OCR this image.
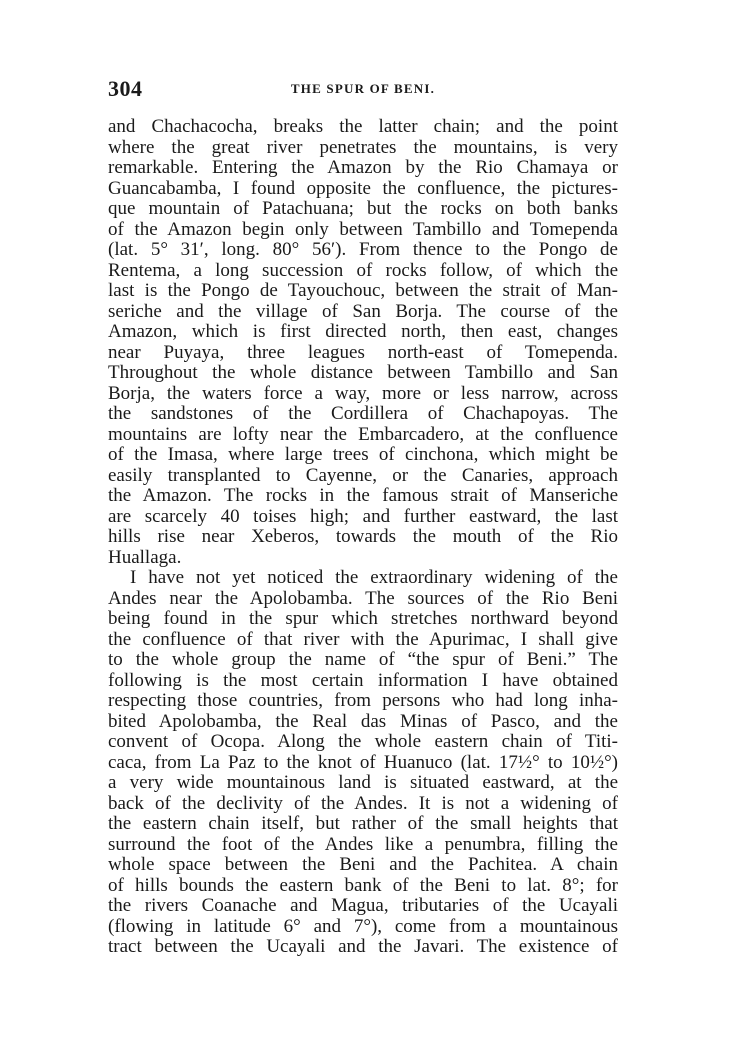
304	THE SPUR OF BENI.
and Chachacocha, breaks the latter chain; and the point
where the great river penetrates the mountains, is very
remarkable. Entering the Amazon by the Rio Chamaya or
Guancabamba, I found opposite the confluence, the pictures-
que mountain of Patachuana; but the rocks on both banks
of the Amazon begin only between Tambillo and Tomependa
(lat. 5° 31′, long. 80° 56′). From thence to the Pongo de
Rentema, a long succession of rocks follow, of which the
last is the Pongo de Tayouchouc, between the strait of Man-
seriche and the village of San Borja. The course of the
Amazon, which is first directed north, then east, changes
near Puyaya, three leagues north-east of Tomependa.
Throughout the whole distance between Tambillo and San
Borja, the waters force a way, more or less narrow, across
the sandstones of the Cordillera of Chachapoyas. The
mountains are lofty near the Embarcadero, at the confluence
of the Imasa, where large trees of cinchona, which might be
easily transplanted to Cayenne, or the Canaries, approach
the Amazon. The rocks in the famous strait of Manseriche
are scarcely 40 toises high; and further eastward, the last
hills rise near Xeberos, towards the mouth of the Rio
Huallaga.
I have not yet noticed the extraordinary widening of the
Andes near the Apolobamba. The sources of the Rio Beni
being found in the spur which stretches northward beyond
the confluence of that river with the Apurimac, I shall give
to the whole group the name of “the spur of Beni.” The
following is the most certain information I have obtained
respecting those countries, from persons who had long inha-
bited Apolobamba, the Real das Minas of Pasco, and the
convent of Ocopa. Along the whole eastern chain of Titi-
caca, from La Paz to the knot of Huanuco (lat. 17½° to 10½°)
a very wide mountainous land is situated eastward, at the
back of the declivity of the Andes. It is not a widening of
the eastern chain itself, but rather of the small heights that
surround the foot of the Andes like a penumbra, filling the
whole space between the Beni and the Pachitea. A chain
of hills bounds the eastern bank of the Beni to lat. 8°; for
the rivers Coanache and Magua, tributaries of the Ucayali
(flowing in latitude 6° and 7°), come from a mountainous
tract between the Ucayali and the Javari. The existence of
